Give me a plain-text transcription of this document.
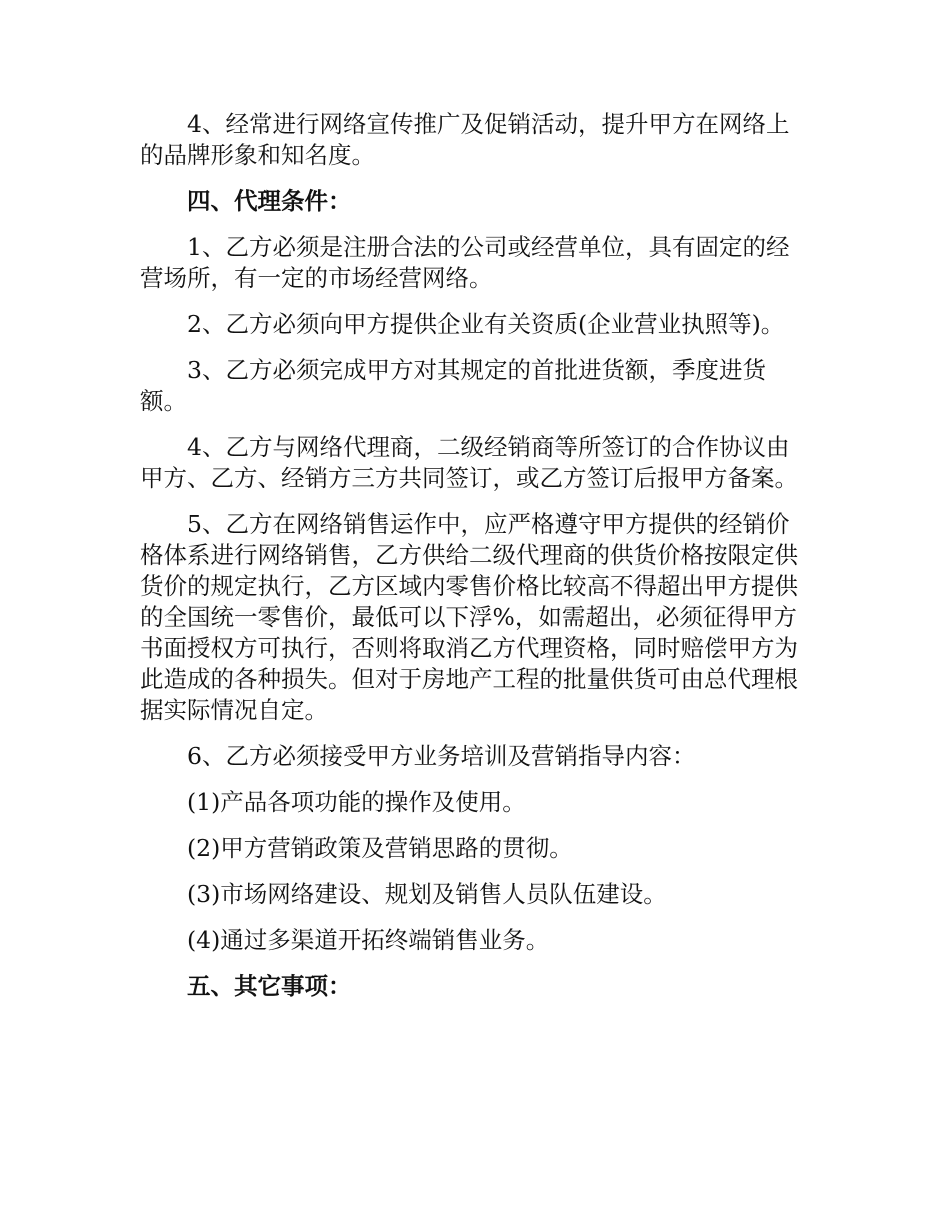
4、经常进行网络宣传推广及促销活动，提升甲方在网络上的品牌形象和知名度。

四、代理条件：

1、乙方必须是注册合法的公司或经营单位，具有固定的经营场所，有一定的市场经营网络。

2、乙方必须向甲方提供企业有关资质(企业营业执照等)。

3、乙方必须完成甲方对其规定的首批进货额，季度进货额。

4、乙方与网络代理商，二级经销商等所签订的合作协议由甲方、乙方、经销方三方共同签订，或乙方签订后报甲方备案。

5、乙方在网络销售运作中，应严格遵守甲方提供的经销价格体系进行网络销售，乙方供给二级代理商的供货价格按限定供货价的规定执行，乙方区域内零售价格比较高不得超出甲方提供的全国统一零售价，最低可以下浮%，如需超出，必须征得甲方书面授权方可执行，否则将取消乙方代理资格，同时赔偿甲方为此造成的各种损失。但对于房地产工程的批量供货可由总代理根据实际情况自定。

6、乙方必须接受甲方业务培训及营销指导内容：

(1)产品各项功能的操作及使用。

(2)甲方营销政策及营销思路的贯彻。

(3)市场网络建设、规划及销售人员队伍建设。

(4)通过多渠道开拓终端销售业务。

五、其它事项：
